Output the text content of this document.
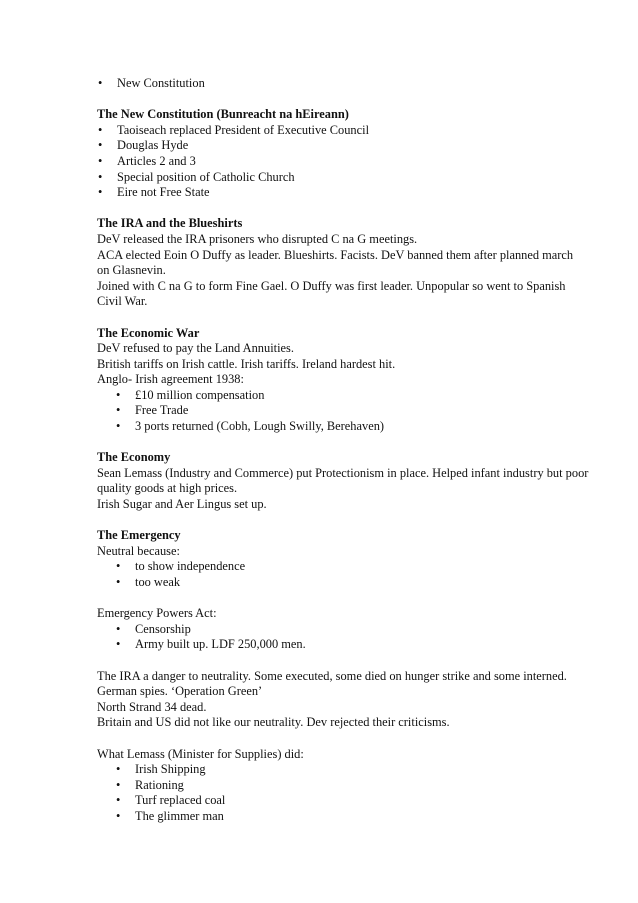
• New Constitution
The New Constitution (Bunreacht na hEireann)
• Taoiseach replaced President of Executive Council
• Douglas Hyde
• Articles 2 and 3
• Special position of Catholic Church
• Eire not Free State
The IRA and the Blueshirts
DeV released the IRA prisoners who disrupted C na G meetings.
ACA elected Eoin O Duffy as leader. Blueshirts. Facists. DeV banned them after planned march
on Glasnevin.
Joined with C na G to form Fine Gael. O Duffy was first leader. Unpopular so went to Spanish
Civil War.
The Economic War
DeV refused to pay the Land Annuities.
British tariffs on Irish cattle. Irish tariffs. Ireland hardest hit.
Anglo- Irish agreement 1938:
• £10 million compensation
• Free Trade
• 3 ports returned (Cobh, Lough Swilly, Berehaven)
The Economy
Sean Lemass (Industry and Commerce) put Protectionism in place. Helped infant industry but poor
quality goods at high prices.
Irish Sugar and Aer Lingus set up.
The Emergency
Neutral because:
• to show independence
• too weak
Emergency Powers Act:
• Censorship
• Army built up. LDF 250,000 men.
The IRA a danger to neutrality. Some executed, some died on hunger strike and some interned.
German spies. ‘Operation Green’
North Strand 34 dead.
Britain and US did not like our neutrality. Dev rejected their criticisms.
What Lemass (Minister for Supplies) did:
• Irish Shipping
• Rationing
• Turf replaced coal
• The glimmer man
